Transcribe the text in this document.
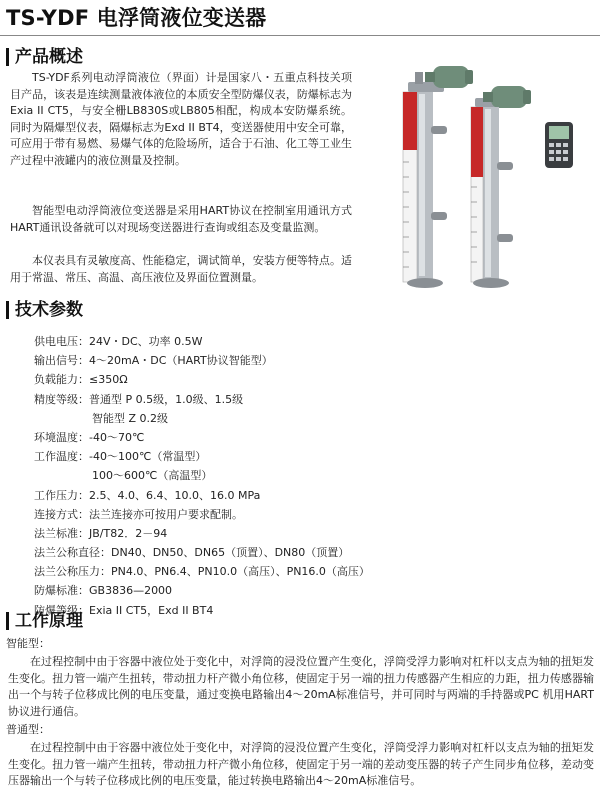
TS-YDF 电浮筒液位变送器
产品概述

TS-YDF系列电动浮筒液位（界面）计是国家八・五重点科技关项目产品，该表是连续测量液体液位的本质安全型防爆仪表，防爆标志为Exia II CT5，与安全栅LB830S或LB805相配，构成本安防爆系统。同时为隔爆型仪表，隔爆标志为Exd II BT4，变送器使用中安全可靠，可应用于带有易燃、易爆气体的危险场所，适合于石油、化工等工业生产过程中液罐内的液位测量及控制。

智能型电动浮筒液位变送器是采用HART协议在控制室用通讯方式HART通讯设备就可以对现场变送器进行查询或组态及变量监测。

本仪表具有灵敏度高、性能稳定，调试简单，安装方便等特点。适用于常温、常压、高温、高压液位及界面位置测量。

技术参数
供电电压：24V・DC、功率 0.5W
输出信号：4～20mA・DC（HART协议智能型）
负载能力：≤350Ω
精度等级：普通型 P 0.5级，1.0级、1.5级
智能型 Z 0.2级
环境温度：-40～70℃
工作温度：-40～100℃（常温型）
100～600℃（高温型）
工作压力：2.5、4.0、6.4、10.0、16.0 MPa
连接方式：法兰连接亦可按用户要求配制。
法兰标准：JB/T82．2－94
法兰公称直径：DN40、DN50、DN65（顶置）、DN80（顶置）
法兰公称压力：PN4.0、PN6.4、PN10.0（高压）、PN16.0（高压）
防爆标准：GB3836—2000
防爆等级：Exia II CT5，Exd II BT4
工作原理
智能型：

在过程控制中由于容器中液位处于变化中，对浮筒的浸没位置产生变化，浮筒受浮力影响对杠杆以支点为轴的扭矩发生变化。扭力管一端产生扭转，带动扭力杆产微小角位移，使固定于另一端的扭力传感器产生相应的力距，扭力传感器输出一个与转子位移成比例的电压变量，通过变换电路输出4～20mA标准信号，并可同时与两端的手持器或PC 机用HART协议进行通信。

普通型：

在过程控制中由于容器中液位处于变化中，对浮筒的浸没位置产生变化，浮筒受浮力影响对杠杆以支点为轴的扭矩发生变化。扭力管一端产生扭转，带动扭力杆产微小角位移，使固定于另一端的差动变压器的转子产生同步角位移，差动变压器输出一个与转子位移成比例的电压变量，能过转换电路输出4～20mA标准信号。
